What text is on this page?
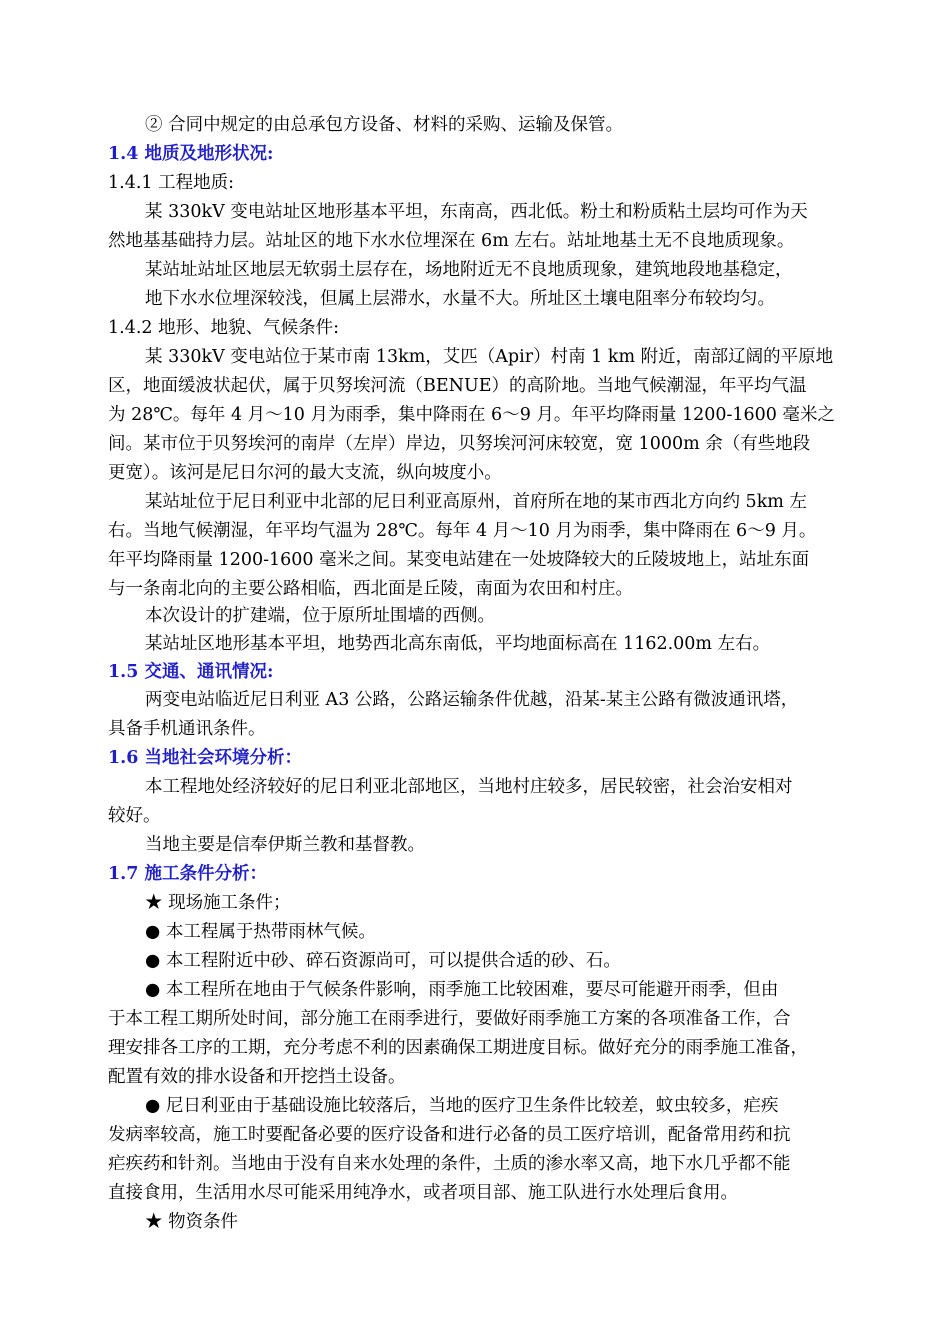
② 合同中规定的由总承包方设备、材料的采购、运输及保管。
1.4 地质及地形状况:
1.4.1 工程地质:
某 330kV 变电站址区地形基本平坦，东南高，西北低。粉土和粉质粘土层均可作为天
然地基基础持力层。站址区的地下水水位埋深在 6m 左右。站址地基土无不良地质现象。
某站址站址区地层无软弱土层存在，场地附近无不良地质现象，建筑地段地基稳定，
地下水水位埋深较浅，但属上层滞水，水量不大。所址区土壤电阻率分布较均匀。
1.4.2 地形、地貌、气候条件:
某 330kV 变电站位于某市南 13km，艾匹（Apir）村南 1 km 附近，南部辽阔的平原地
区，地面缓波状起伏，属于贝努埃河流（BENUE）的高阶地。当地气候潮湿，年平均气温
为 28℃。每年 4 月～10 月为雨季，集中降雨在 6～9 月。年平均降雨量 1200-1600 毫米之
间。某市位于贝努埃河的南岸（左岸）岸边，贝努埃河河床较宽，宽 1000m 余（有些地段
更宽）。该河是尼日尔河的最大支流，纵向坡度小。
某站址位于尼日利亚中北部的尼日利亚高原州，首府所在地的某市西北方向约 5km 左
右。当地气候潮湿，年平均气温为 28℃。每年 4 月～10 月为雨季，集中降雨在 6～9 月。
年平均降雨量 1200-1600 毫米之间。某变电站建在一处坡降较大的丘陵坡地上，站址东面
与一条南北向的主要公路相临，西北面是丘陵，南面为农田和村庄。
本次设计的扩建端，位于原所址围墙的西侧。
某站址区地形基本平坦，地势西北高东南低，平均地面标高在 1162.00m 左右。
1.5 交通、通讯情况:
两变电站临近尼日利亚 A3 公路，公路运输条件优越，沿某-某主公路有微波通讯塔，
具备手机通讯条件。
1.6 当地社会环境分析：
本工程地处经济较好的尼日利亚北部地区，当地村庄较多，居民较密，社会治安相对
较好。
当地主要是信奉伊斯兰教和基督教。
1.7 施工条件分析：
★ 现场施工条件；
● 本工程属于热带雨林气候。
● 本工程附近中砂、碎石资源尚可，可以提供合适的砂、石。
● 本工程所在地由于气候条件影响，雨季施工比较困难，要尽可能避开雨季，但由
于本工程工期所处时间，部分施工在雨季进行，要做好雨季施工方案的各项准备工作，合
理安排各工序的工期，充分考虑不利的因素确保工期进度目标。做好充分的雨季施工准备，
配置有效的排水设备和开挖挡土设备。
● 尼日利亚由于基础设施比较落后，当地的医疗卫生条件比较差，蚊虫较多，疟疾
发病率较高，施工时要配备必要的医疗设备和进行必备的员工医疗培训，配备常用药和抗
疟疾药和针剂。当地由于没有自来水处理的条件，土质的渗水率又高，地下水几乎都不能
直接食用，生活用水尽可能采用纯净水，或者项目部、施工队进行水处理后食用。
★ 物资条件
